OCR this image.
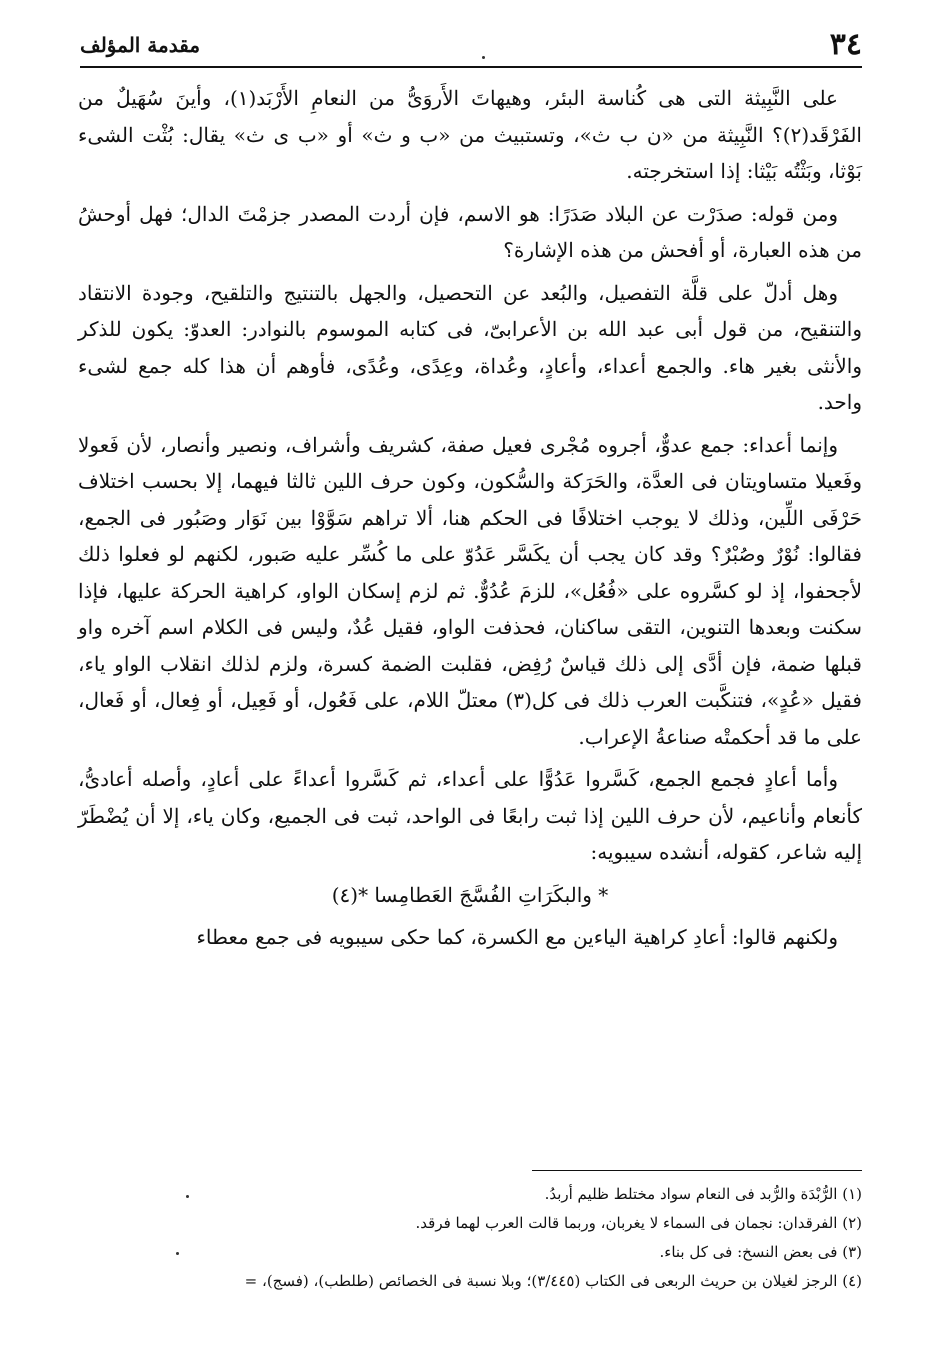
٣٤
مقدمة المؤلف

على النَّبِيثة التى هى كُناسة البئر، وهيهاتَ الأَروَىُّ من النعامِ الأَرْبَد(١)، وأينَ سُهَيلٌ من الفَرْقَد(٢)؟ النَّبِيثة من «ن ب ث»، وتستبيث من «ب و ث» أو «ب ى ث» يقال: بُثْت الشىء بَوْثا، وبَثْتُه بَيْثا: إذا استخرجته.

ومن قوله: صدَرْت عن البلاد صَدَرًا: هو الاسم، فإن أردت المصدر جزمْتَ الدال؛ فهل أوحشُ من هذه العبارة، أو أفحش من هذه الإشارة؟

وهل أدلّ على قلَّة التفصيل، والبُعد عن التحصيل، والجهل بالتنتيج والتلقيح، وجودة الانتقاد والتنقيح، من قول أبى عبد الله بن الأعرابىّ، فى كتابه الموسوم بالنوادر: العدوّ: يكون للذكر والأنثى بغير هاء. والجمع أعداء، وأعادٍ، وعُداة، وعِدًى، وعُدًى، فأوهم أن هذا كله جمع لشىء واحد.

وإنما أعداء: جمع عدوٌّ، أجروه مُجْرى فعيل صفة، كشريف وأشراف، ونصير وأنصار، لأن فَعولا وفَعيلا متساويتان فى العدَّة، والحَرَكة والسُّكون، وكون حرف اللين ثالثا فيهما، إلا بحسب اختلاف حَرْفَى اللِّين، وذلك لا يوجب اختلافًا فى الحكم هنا، ألا تراهم سَوَّوْا بين نَوَار وصَبُور فى الجمع، فقالوا: نُوْرٌ وصُبْرٌ؟ وقد كان يجب أن يكَسَّر عَدُوّ على ما كُسِّر عليه صَبور، لكنهم لو فعلوا ذلك لأجحفوا، إذ لو كسَّروه على «فُعُل»، للزمَ عُدُوٌّ. ثم لزم إسكان الواو، كراهية الحركة عليها، فإذا سكنت وبعدها التنوين، التقى ساكنان، فحذفت الواو، فقيل عُدٌ، وليس فى الكلام اسم آخره واو قبلها ضمة، فإن أدَّى إلى ذلك قياسٌ رُفِض، فقلبت الضمة كسرة، ولزم لذلك انقلاب الواو ياء، فقيل «عُدٍ»، فتنكَّبت العرب ذلك فى كل(٣) معتلّ اللام، على فَعُول، أو فَعِيل، أو فِعال، أو فَعال، على ما قد أحكمتْه صناعةُ الإعراب.

وأما أعادٍ فجمع الجمع، كَسَّروا عَدُوًّا على أعداء، ثم كَسَّروا أعداءً على أعادٍ، وأصله أعادىُّ، كأنعام وأناعيم، لأن حرف اللين إذا ثبت رابعًا فى الواحد، ثبت فى الجميع، وكان ياء، إلا أن يُضْطَرّ إليه شاعر، كقوله، أنشده سيبويه:

* والبكَرَاتِ الفُسَّجَ العَطامِسا *(٤)

ولكنهم قالوا: أعادِ كراهية الياءين مع الكسرة، كما حكى سيبويه فى جمع معطاء

(١) الرُّبْدَة والرُّبد فى النعام سواد مختلط ظليم أربدُ.

(٢) الفرقدان: نجمان فى السماء لا يغربان، وربما قالت العرب لهما فرقد.

(٣) فى بعض النسخ: فى كل بناء.

(٤) الرجز لغيلان بن حريث الربعى فى الكتاب (٣/٤٤٥)؛ وبلا نسبة فى الخصائص (طلطب)، (فسج)، =
